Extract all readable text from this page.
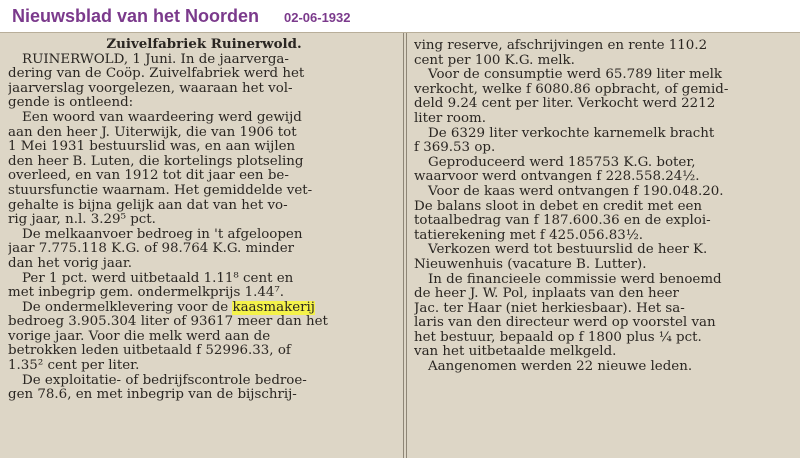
Nieuwsblad van het Noorden 02-06-1932
Zuivelfabriek Ruinerwold.
RUINERWOLD, 1 Juni. In de jaarverga-
dering van de Coöp. Zuivelfabriek werd het
jaarverslag voorgelezen, waaraan het vol-
gende is ontleend:
Een woord van waardeering werd gewijd
aan den heer J. Uiterwijk, die van 1906 tot
1 Mei 1931 bestuurslid was, en aan wijlen
den heer B. Luten, die kortelings plotseling
overleed, en van 1912 tot dit jaar een be-
stuursfunctie waarnam. Het gemiddelde vet-
gehalte is bijna gelijk aan dat van het vo-
rig jaar, n.l. 3.29⁵ pct.
De melkaanvoer bedroeg in 't afgeloopen
jaar 7.775.118 K.G. of 98.764 K.G. minder
dan het vorig jaar.
Per 1 pct. werd uitbetaald 1.11⁸ cent en
met inbegrip gem. ondermelkprijs 1.44⁷.
De ondermelklevering voor de kaasmakerij
bedroeg 3.905.304 liter of 93617 meer dan het
vorige jaar. Voor die melk werd aan de
betrokken leden uitbetaald f 52996.33, of
1.35² cent per liter.
De exploitatie- of bedrijfscontrole bedroe-
gen 78.6, en met inbegrip van de bijschrij-
ving reserve, afschrijvingen en rente 110.2
cent per 100 K.G. melk.
Voor de consumptie werd 65.789 liter melk
verkocht, welke f 6080.86 opbracht, of gemid-
deld 9.24 cent per liter. Verkocht werd 2212
liter room.
De 6329 liter verkochte karnemelk bracht
f 369.53 op.
Geproduceerd werd 185753 K.G. boter,
waarvoor werd ontvangen f 228.558.24½.
Voor de kaas werd ontvangen f 190.048.20.
De balans sloot in debet en credit met een
totaalbedrag van f 187.600.36 en de exploi-
tatierekening met f 425.056.83½.
Verkozen werd tot bestuurslid de heer K.
Nieuwenhuis (vacature B. Lutter).
In de financieele commissie werd benoemd
de heer J. W. Pol, inplaats van den heer
Jac. ter Haar (niet herkiesbaar). Het sa-
laris van den directeur werd op voorstel van
het bestuur, bepaald op f 1800 plus ¼ pct.
van het uitbetaalde melkgeld.
Aangenomen werden 22 nieuwe leden.
